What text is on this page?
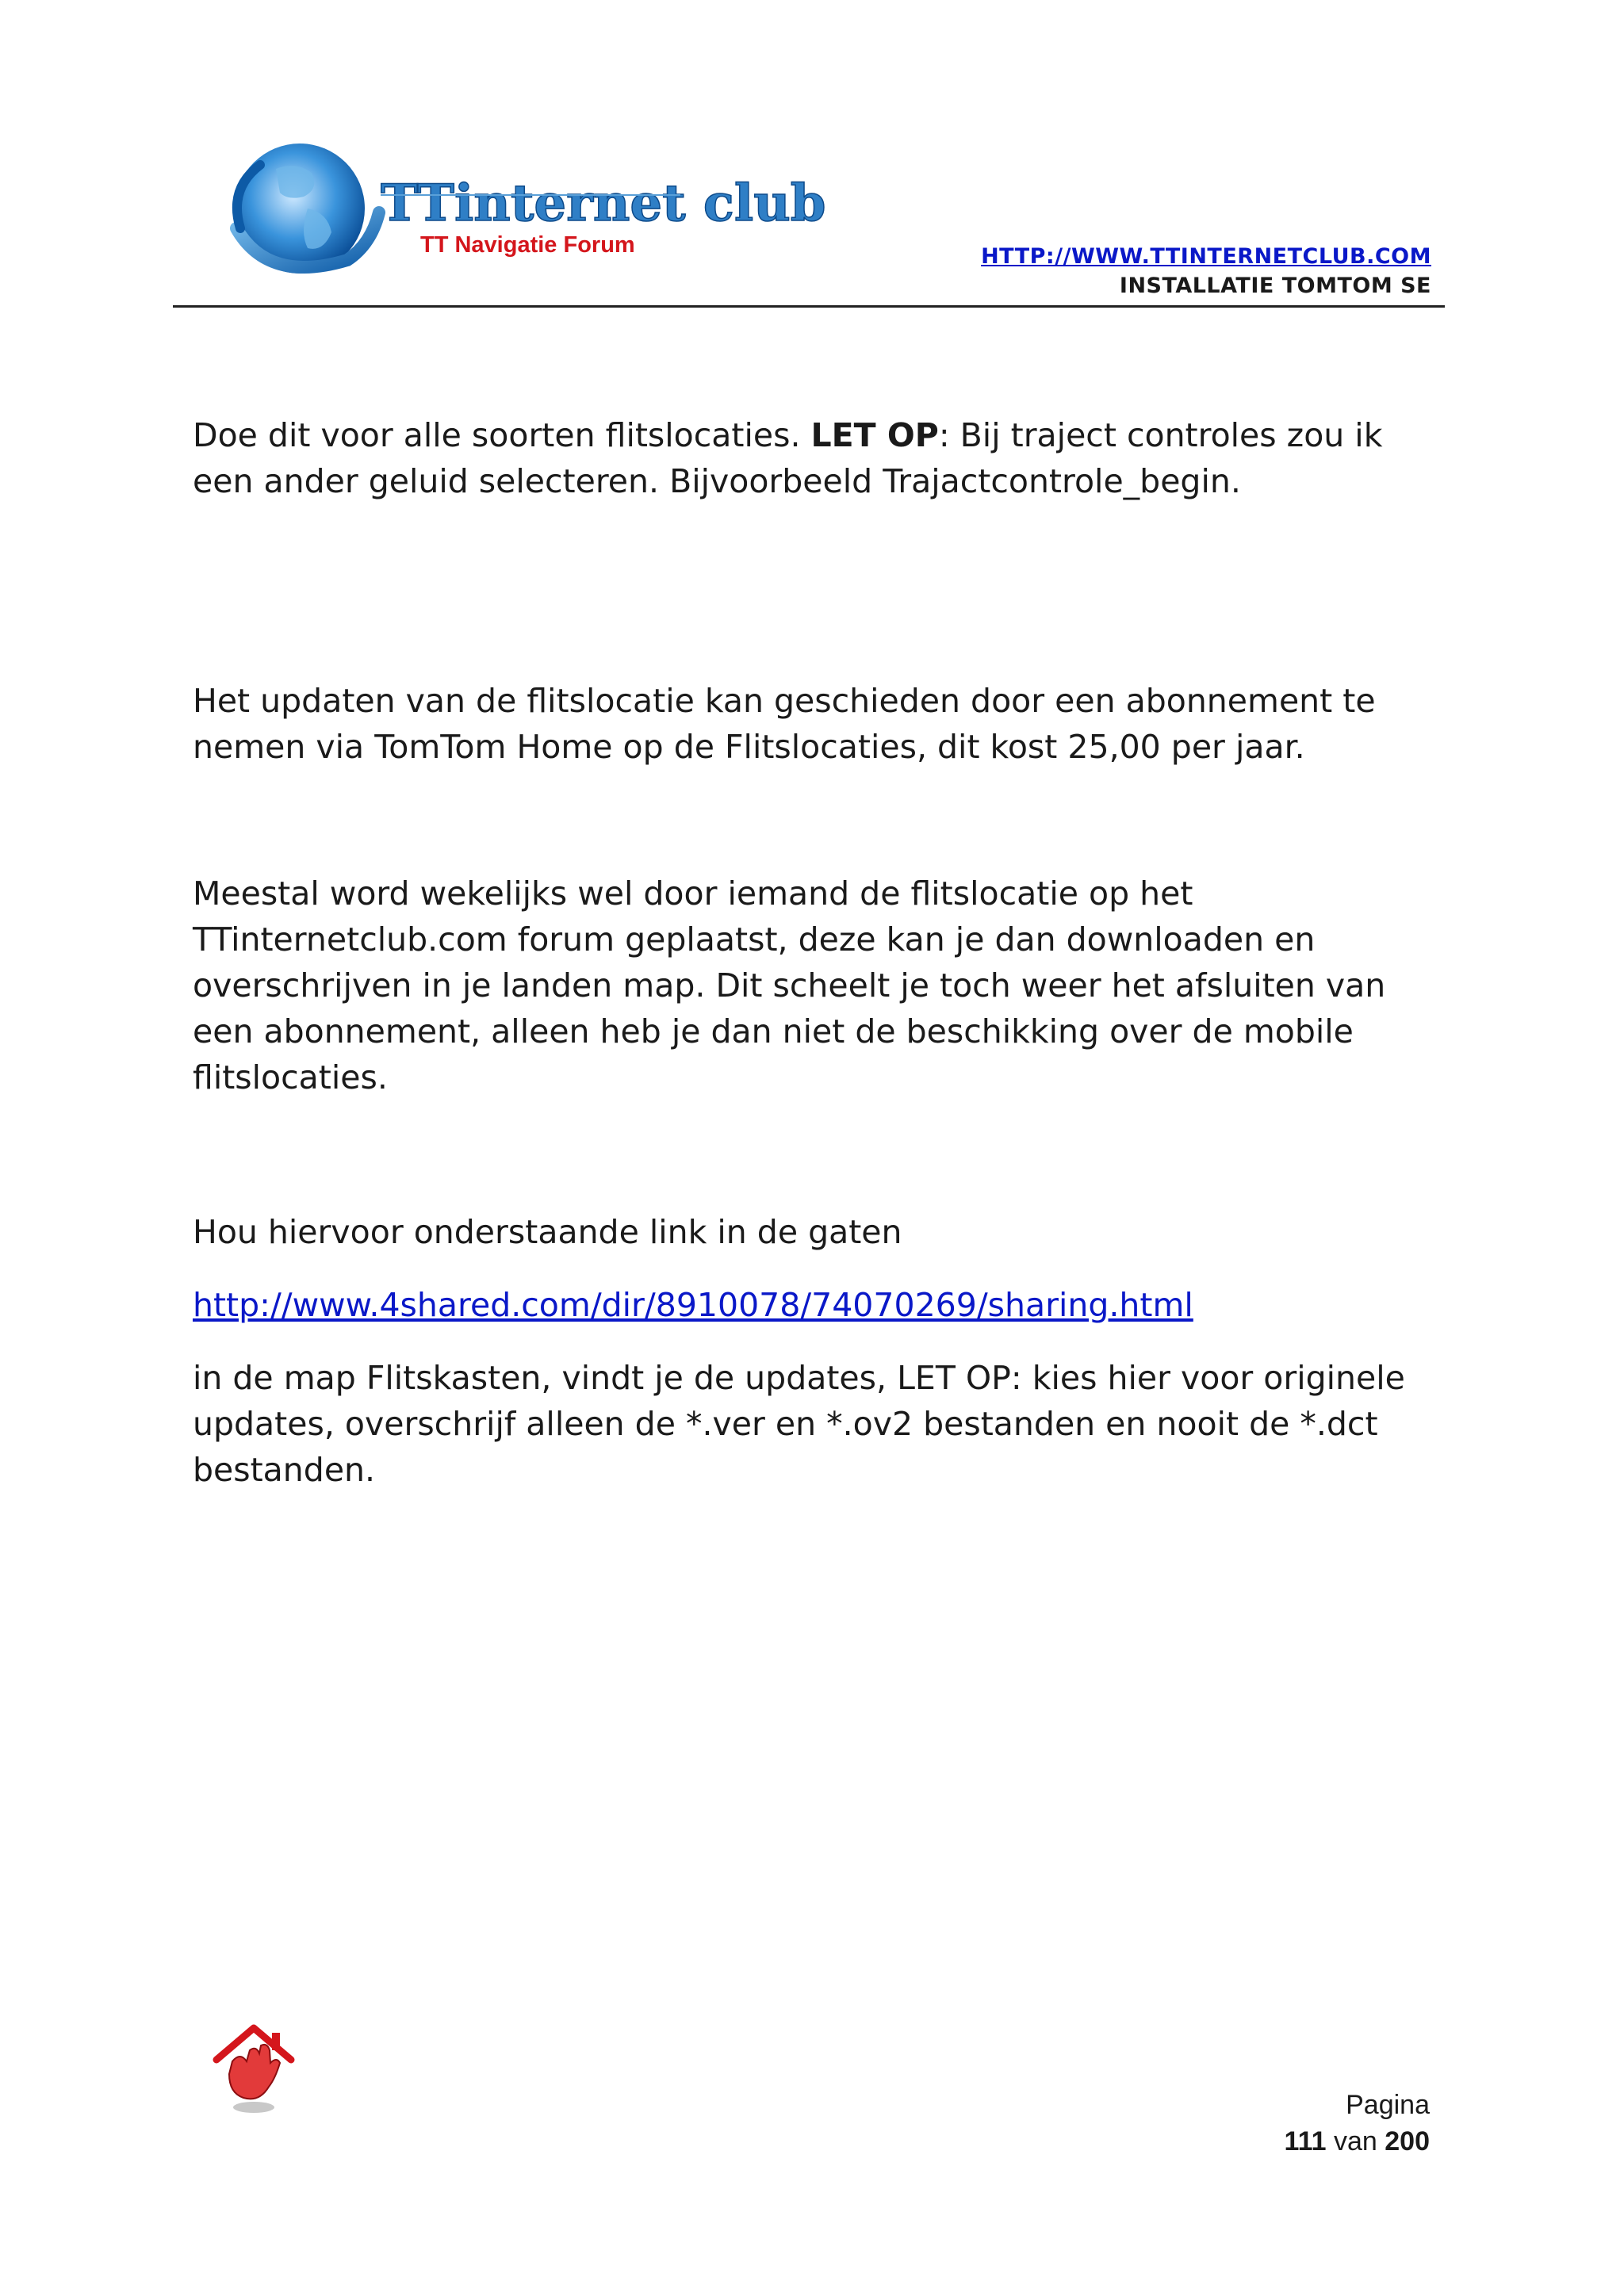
TTinternet club
TT Navigatie Forum	HTTP://WWW.TTINTERNETCLUB.COM
INSTALLATIE TOMTOM SE

Doe dit voor alle soorten flitslocaties. LET OP: Bij traject controles zou ik
een ander geluid selecteren. Bijvoorbeeld Trajactcontrole_begin.

Het updaten van de flitslocatie kan geschieden door een abonnement te
nemen via TomTom Home op de Flitslocaties, dit kost 25,00 per jaar.

Meestal word wekelijks wel door iemand de flitslocatie op het
TTinternetclub.com forum geplaatst, deze kan je dan downloaden en
overschrijven in je landen map. Dit scheelt je toch weer het afsluiten van
een abonnement, alleen heb je dan niet de beschikking over de mobile
flitslocaties.

Hou hiervoor onderstaande link in de gaten

http://www.4shared.com/dir/8910078/74070269/sharing.html

in de map Flitskasten, vindt je de updates, LET OP: kies hier voor originele
updates, overschrijf alleen de *.ver en *.ov2 bestanden en nooit de *.dct
bestanden.

Pagina
111 van 200
